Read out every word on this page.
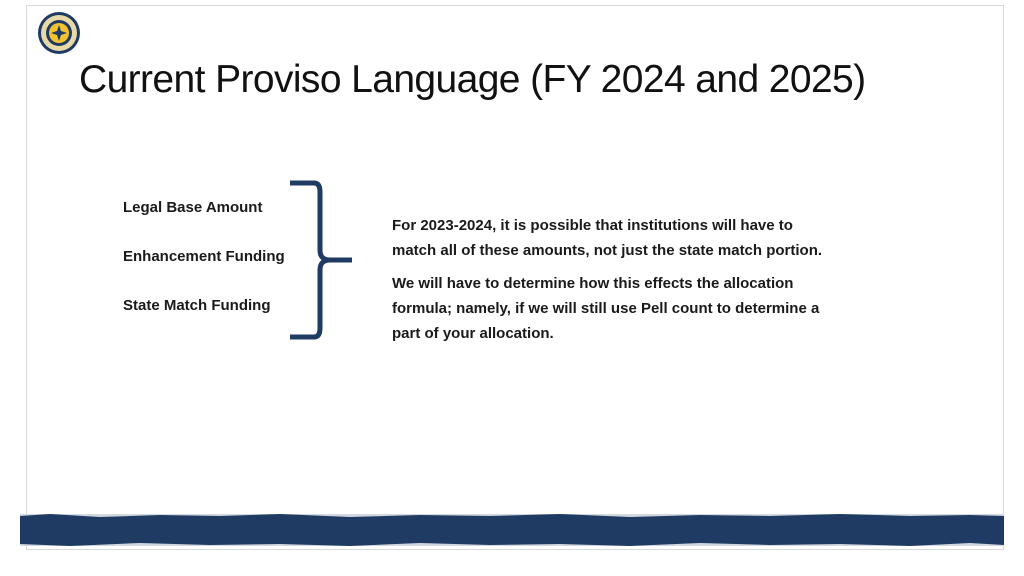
Current Proviso Language (FY 2024 and 2025)
Legal Base Amount
Enhancement Funding
State Match Funding

For 2023-2024, it is possible that institutions will have to
match all of these amounts, not just the state match portion.

We will have to determine how this effects the allocation
formula; namely, if we will still use Pell count to determine a
part of your allocation.
